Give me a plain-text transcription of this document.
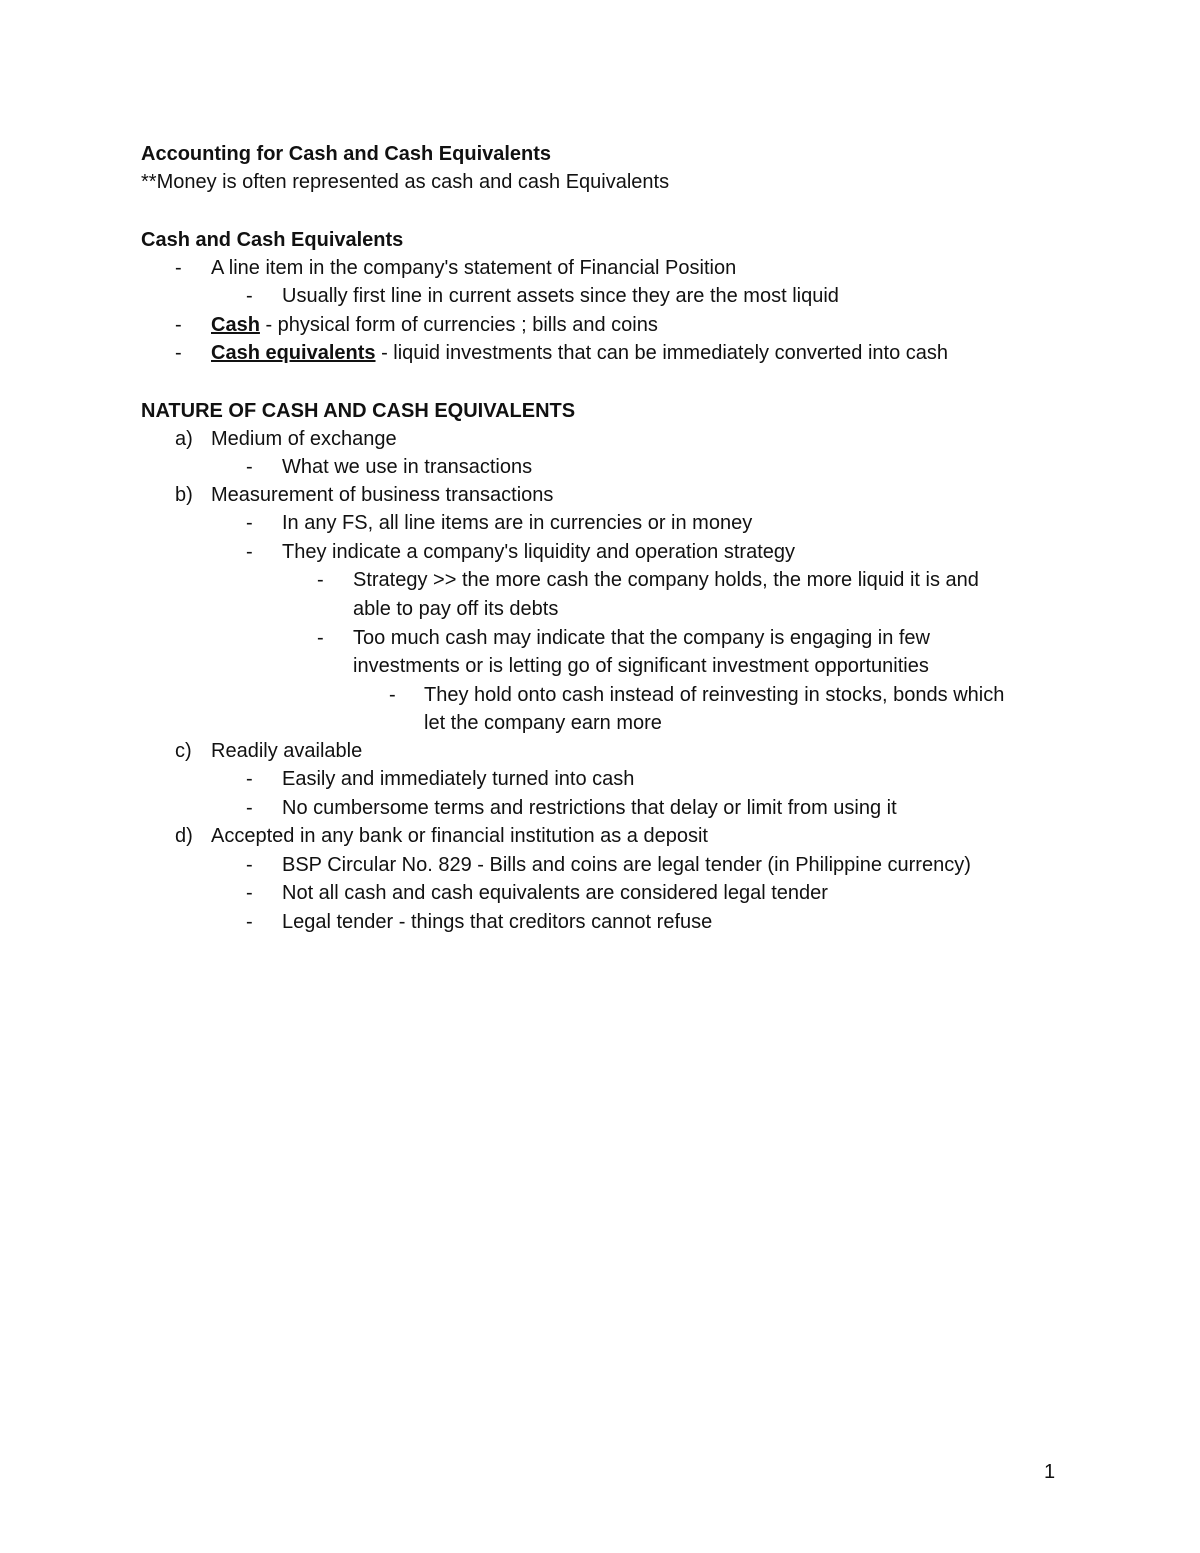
Accounting for Cash and Cash Equivalents
**Money is often represented as cash and cash Equivalents
Cash and Cash Equivalents
- A line item in the company's statement of Financial Position
- Usually first line in current assets since they are the most liquid
- Cash - physical form of currencies ; bills and coins
- Cash equivalents - liquid investments that can be immediately converted into cash
NATURE OF CASH AND CASH EQUIVALENTS
a) Medium of exchange
- What we use in transactions
b) Measurement of business transactions
- In any FS, all line items are in currencies or in money
- They indicate a company's liquidity and operation strategy
- Strategy >> the more cash the company holds, the more liquid it is and
able to pay off its debts
- Too much cash may indicate that the company is engaging in few
investments or is letting go of significant investment opportunities
- They hold onto cash instead of reinvesting in stocks, bonds which
let the company earn more
c) Readily available
- Easily and immediately turned into cash
- No cumbersome terms and restrictions that delay or limit from using it
d) Accepted in any bank or financial institution as a deposit
- BSP Circular No. 829 - Bills and coins are legal tender (in Philippine currency)
- Not all cash and cash equivalents are considered legal tender
- Legal tender - things that creditors cannot refuse
1
